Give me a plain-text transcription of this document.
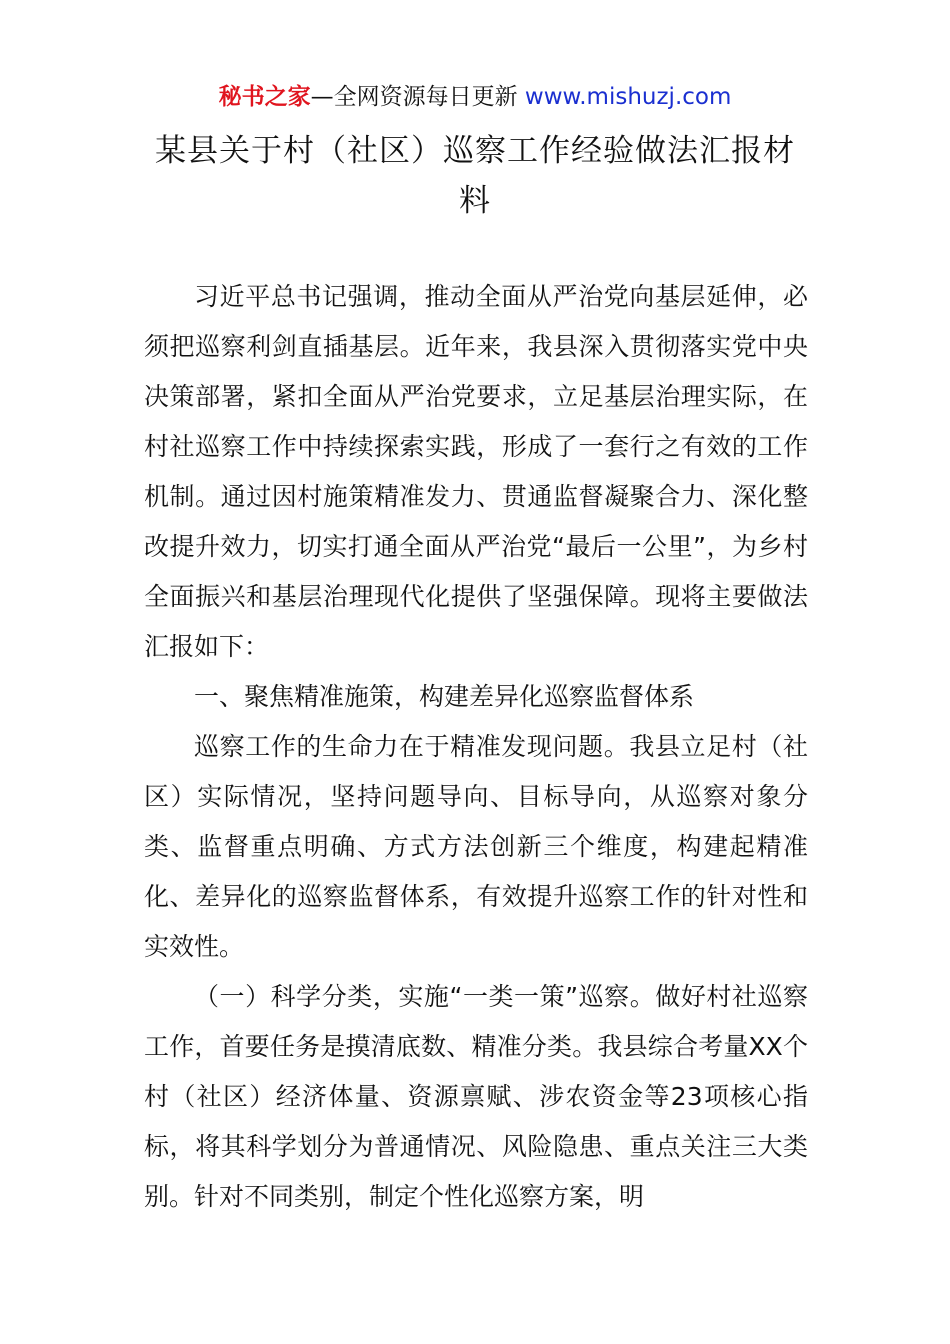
秘书之家—全网资源每日更新 www.mishuzj.com
某县关于村（社区）巡察工作经验做法汇报材料

习近平总书记强调，推动全面从严治党向基层延伸，必须把巡察利剑直插基层。近年来，我县深入贯彻落实党中央决策部署，紧扣全面从严治党要求，立足基层治理实际，在村社巡察工作中持续探索实践，形成了一套行之有效的工作机制。通过因村施策精准发力、贯通监督凝聚合力、深化整改提升效力，切实打通全面从严治党“最后一公里”，为乡村全面振兴和基层治理现代化提供了坚强保障。现将主要做法汇报如下：

一、聚焦精准施策，构建差异化巡察监督体系

巡察工作的生命力在于精准发现问题。我县立足村（社区）实际情况，坚持问题导向、目标导向，从巡察对象分类、监督重点明确、方式方法创新三个维度，构建起精准化、差异化的巡察监督体系，有效提升巡察工作的针对性和实效性。

（一）科学分类，实施“一类一策”巡察。做好村社巡察工作，首要任务是摸清底数、精准分类。我县综合考量XX个村（社区）经济体量、资源禀赋、涉农资金等23项核心指标，将其科学划分为普通情况、风险隐患、重点关注三大类别。针对不同类别，制定个性化巡察方案，明
